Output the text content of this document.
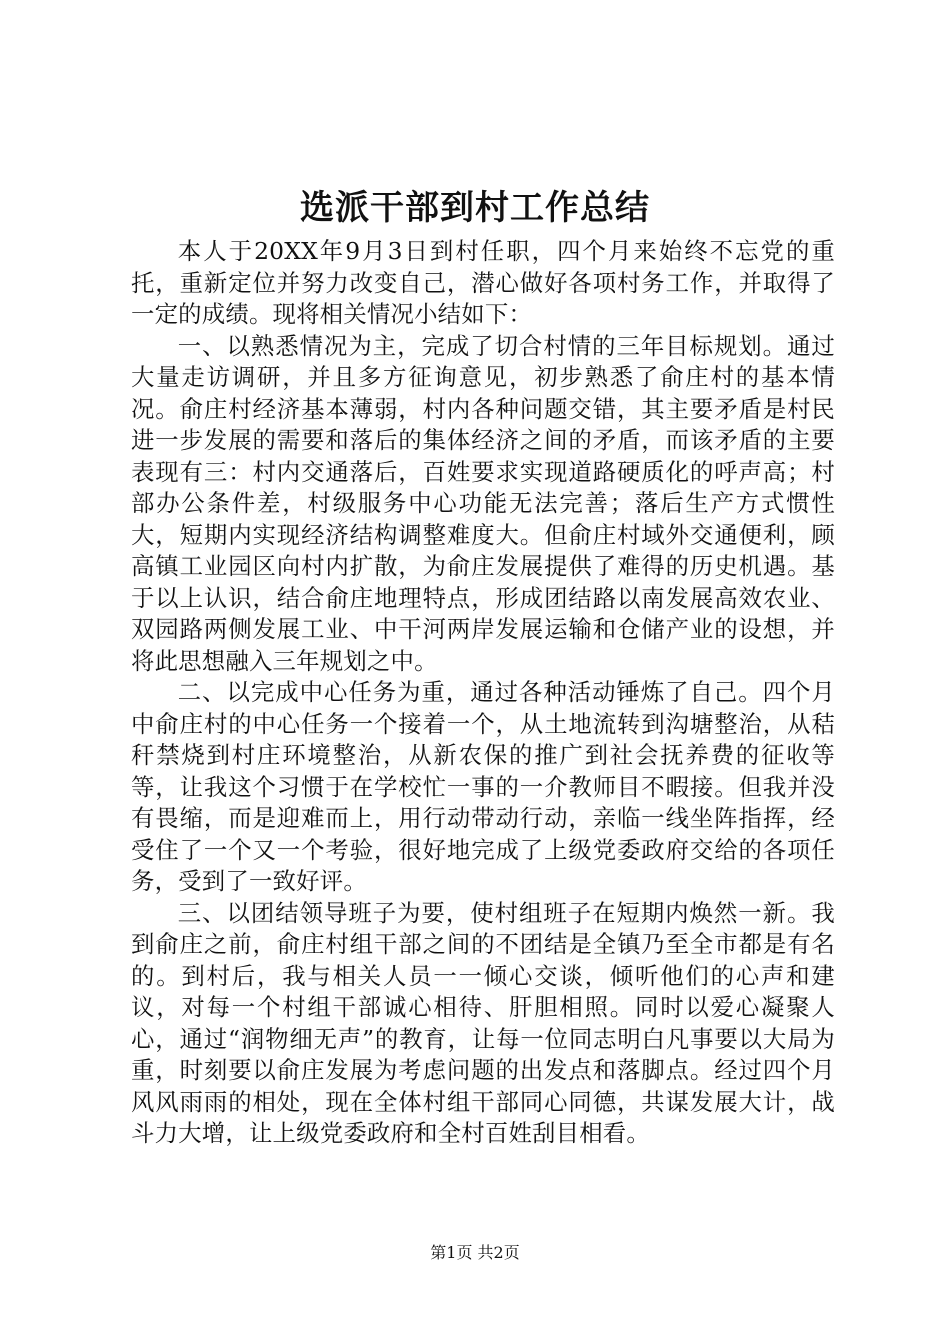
选派干部到村工作总结

本人于20XX年9月3日到村任职，四个月来始终不忘党的重托，重新定位并努力改变自己，潜心做好各项村务工作，并取得了一定的成绩。现将相关情况小结如下：

一、以熟悉情况为主，完成了切合村情的三年目标规划。通过大量走访调研，并且多方征询意见，初步熟悉了俞庄村的基本情况。俞庄村经济基本薄弱，村内各种问题交错，其主要矛盾是村民进一步发展的需要和落后的集体经济之间的矛盾，而该矛盾的主要表现有三：村内交通落后，百姓要求实现道路硬质化的呼声高；村部办公条件差，村级服务中心功能无法完善；落后生产方式惯性大，短期内实现经济结构调整难度大。但俞庄村域外交通便利，顾高镇工业园区向村内扩散，为俞庄发展提供了难得的历史机遇。基于以上认识，结合俞庄地理特点，形成团结路以南发展高效农业、双园路两侧发展工业、中干河两岸发展运输和仓储产业的设想，并将此思想融入三年规划之中。

二、以完成中心任务为重，通过各种活动锤炼了自己。四个月中俞庄村的中心任务一个接着一个，从土地流转到沟塘整治，从秸秆禁烧到村庄环境整治，从新农保的推广到社会抚养费的征收等等，让我这个习惯于在学校忙一事的一介教师目不暇接。但我并没有畏缩，而是迎难而上，用行动带动行动，亲临一线坐阵指挥，经受住了一个又一个考验，很好地完成了上级党委政府交给的各项任务，受到了一致好评。

三、以团结领导班子为要，使村组班子在短期内焕然一新。我到俞庄之前，俞庄村组干部之间的不团结是全镇乃至全市都是有名的。到村后，我与相关人员一一倾心交谈，倾听他们的心声和建议，对每一个村组干部诚心相待、肝胆相照。同时以爱心凝聚人心，通过“润物细无声”的教育，让每一位同志明白凡事要以大局为重，时刻要以俞庄发展为考虑问题的出发点和落脚点。经过四个月风风雨雨的相处，现在全体村组干部同心同德，共谋发展大计，战斗力大增，让上级党委政府和全村百姓刮目相看。

第1页 共2页
